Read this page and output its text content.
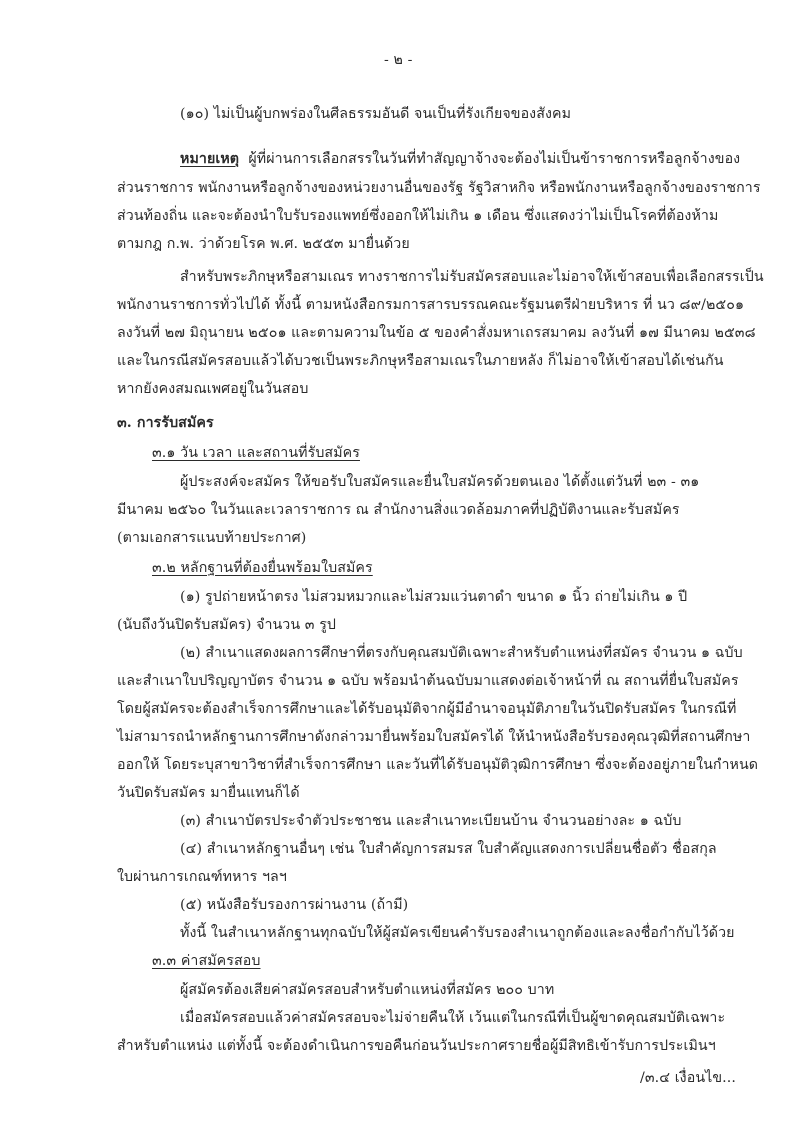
- ๒ -
(๑๐) ไม่เป็นผู้บกพร่องในศีลธรรมอันดี จนเป็นที่รังเกียจของสังคม
หมายเหตุ ผู้ที่ผ่านการเลือกสรรในวันที่ทำสัญญาจ้างจะต้องไม่เป็นข้าราชการหรือลูกจ้างของ
ส่วนราชการ พนักงานหรือลูกจ้างของหน่วยงานอื่นของรัฐ รัฐวิสาหกิจ หรือพนักงานหรือลูกจ้างของราชการ
ส่วนท้องถิ่น และจะต้องนำใบรับรองแพทย์ซึ่งออกให้ไม่เกิน ๑ เดือน ซึ่งแสดงว่าไม่เป็นโรคที่ต้องห้าม
ตามกฎ ก.พ. ว่าด้วยโรค พ.ศ. ๒๕๕๓ มายื่นด้วย
สำหรับพระภิกษุหรือสามเณร ทางราชการไม่รับสมัครสอบและไม่อาจให้เข้าสอบเพื่อเลือกสรรเป็น
พนักงานราชการทั่วไปได้ ทั้งนี้ ตามหนังสือกรมการสารบรรณคณะรัฐมนตรีฝ่ายบริหาร ที่ นว ๘๙/๒๕๐๑
ลงวันที่ ๒๗ มิถุนายน ๒๕๐๑ และตามความในข้อ ๕ ของคำสั่งมหาเถรสมาคม ลงวันที่ ๑๗ มีนาคม ๒๕๓๘
และในกรณีสมัครสอบแล้วได้บวชเป็นพระภิกษุหรือสามเณรในภายหลัง ก็ไม่อาจให้เข้าสอบได้เช่นกัน
หากยังคงสมณเพศอยู่ในวันสอบ
๓. การรับสมัคร
๓.๑ วัน เวลา และสถานที่รับสมัคร
ผู้ประสงค์จะสมัคร ให้ขอรับใบสมัครและยื่นใบสมัครด้วยตนเอง ได้ตั้งแต่วันที่ ๒๓ - ๓๑
มีนาคม ๒๕๖๐ ในวันและเวลาราชการ ณ สำนักงานสิ่งแวดล้อมภาคที่ปฏิบัติงานและรับสมัคร
(ตามเอกสารแนบท้ายประกาศ)
๓.๒ หลักฐานที่ต้องยื่นพร้อมใบสมัคร
(๑) รูปถ่ายหน้าตรง ไม่สวมหมวกและไม่สวมแว่นตาดำ ขนาด ๑ นิ้ว ถ่ายไม่เกิน ๑ ปี
(นับถึงวันปิดรับสมัคร) จำนวน ๓ รูป
(๒) สำเนาแสดงผลการศึกษาที่ตรงกับคุณสมบัติเฉพาะสำหรับตำแหน่งที่สมัคร จำนวน ๑ ฉบับ
และสำเนาใบปริญญาบัตร จำนวน ๑ ฉบับ พร้อมนำต้นฉบับมาแสดงต่อเจ้าหน้าที่ ณ สถานที่ยื่นใบสมัคร
โดยผู้สมัครจะต้องสำเร็จการศึกษาและได้รับอนุมัติจากผู้มีอำนาจอนุมัติภายในวันปิดรับสมัคร ในกรณีที่
ไม่สามารถนำหลักฐานการศึกษาดังกล่าวมายื่นพร้อมใบสมัครได้ ให้นำหนังสือรับรองคุณวุฒิที่สถานศึกษา
ออกให้ โดยระบุสาขาวิชาที่สำเร็จการศึกษา และวันที่ได้รับอนุมัติวุฒิการศึกษา ซึ่งจะต้องอยู่ภายในกำหนด
วันปิดรับสมัคร มายื่นแทนก็ได้
(๓) สำเนาบัตรประจำตัวประชาชน และสำเนาทะเบียนบ้าน จำนวนอย่างละ ๑ ฉบับ
(๔) สำเนาหลักฐานอื่นๆ เช่น ใบสำคัญการสมรส ใบสำคัญแสดงการเปลี่ยนชื่อตัว ชื่อสกุล
ใบผ่านการเกณฑ์ทหาร ฯลฯ
(๕) หนังสือรับรองการผ่านงาน (ถ้ามี)
ทั้งนี้ ในสำเนาหลักฐานทุกฉบับให้ผู้สมัครเขียนคำรับรองสำเนาถูกต้องและลงชื่อกำกับไว้ด้วย
๓.๓ ค่าสมัครสอบ
ผู้สมัครต้องเสียค่าสมัครสอบสำหรับตำแหน่งที่สมัคร ๒๐๐ บาท
เมื่อสมัครสอบแล้วค่าสมัครสอบจะไม่จ่ายคืนให้ เว้นแต่ในกรณีที่เป็นผู้ขาดคุณสมบัติเฉพาะ
สำหรับตำแหน่ง แต่ทั้งนี้ จะต้องดำเนินการขอคืนก่อนวันประกาศรายชื่อผู้มีสิทธิเข้ารับการประเมินฯ
/๓.๔ เงื่อนไข...
